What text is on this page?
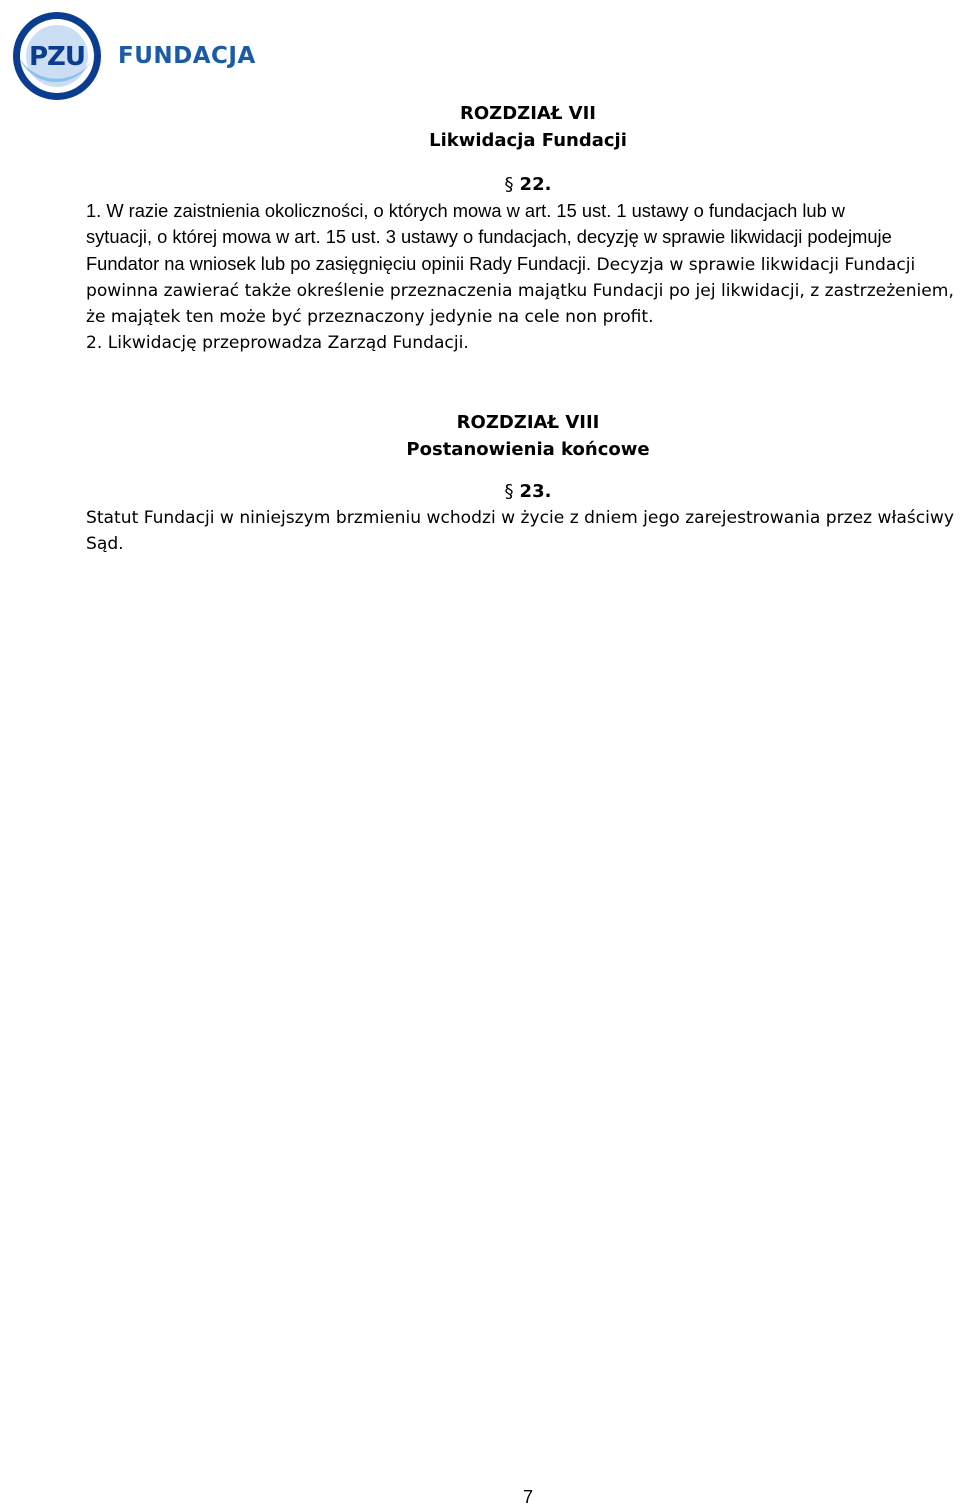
PZU FUNDACJA
ROZDZIAŁ VII
Likwidacja Fundacji
§ 22.
1. W razie zaistnienia okoliczności, o których mowa w art. 15 ust. 1 ustawy o fundacjach lub w
sytuacji, o której mowa w art. 15 ust. 3 ustawy o fundacjach, decyzję w sprawie likwidacji podejmuje
Fundator na wniosek lub po zasięgnięciu opinii Rady Fundacji. Decyzja w sprawie likwidacji Fundacji
powinna zawierać także określenie przeznaczenia majątku Fundacji po jej likwidacji, z zastrzeżeniem,
że majątek ten może być przeznaczony jedynie na cele non profit.
2. Likwidację przeprowadza Zarząd Fundacji.
ROZDZIAŁ VIII
Postanowienia końcowe
§ 23.
Statut Fundacji w niniejszym brzmieniu wchodzi w życie z dniem jego zarejestrowania przez właściwy
Sąd.
7
